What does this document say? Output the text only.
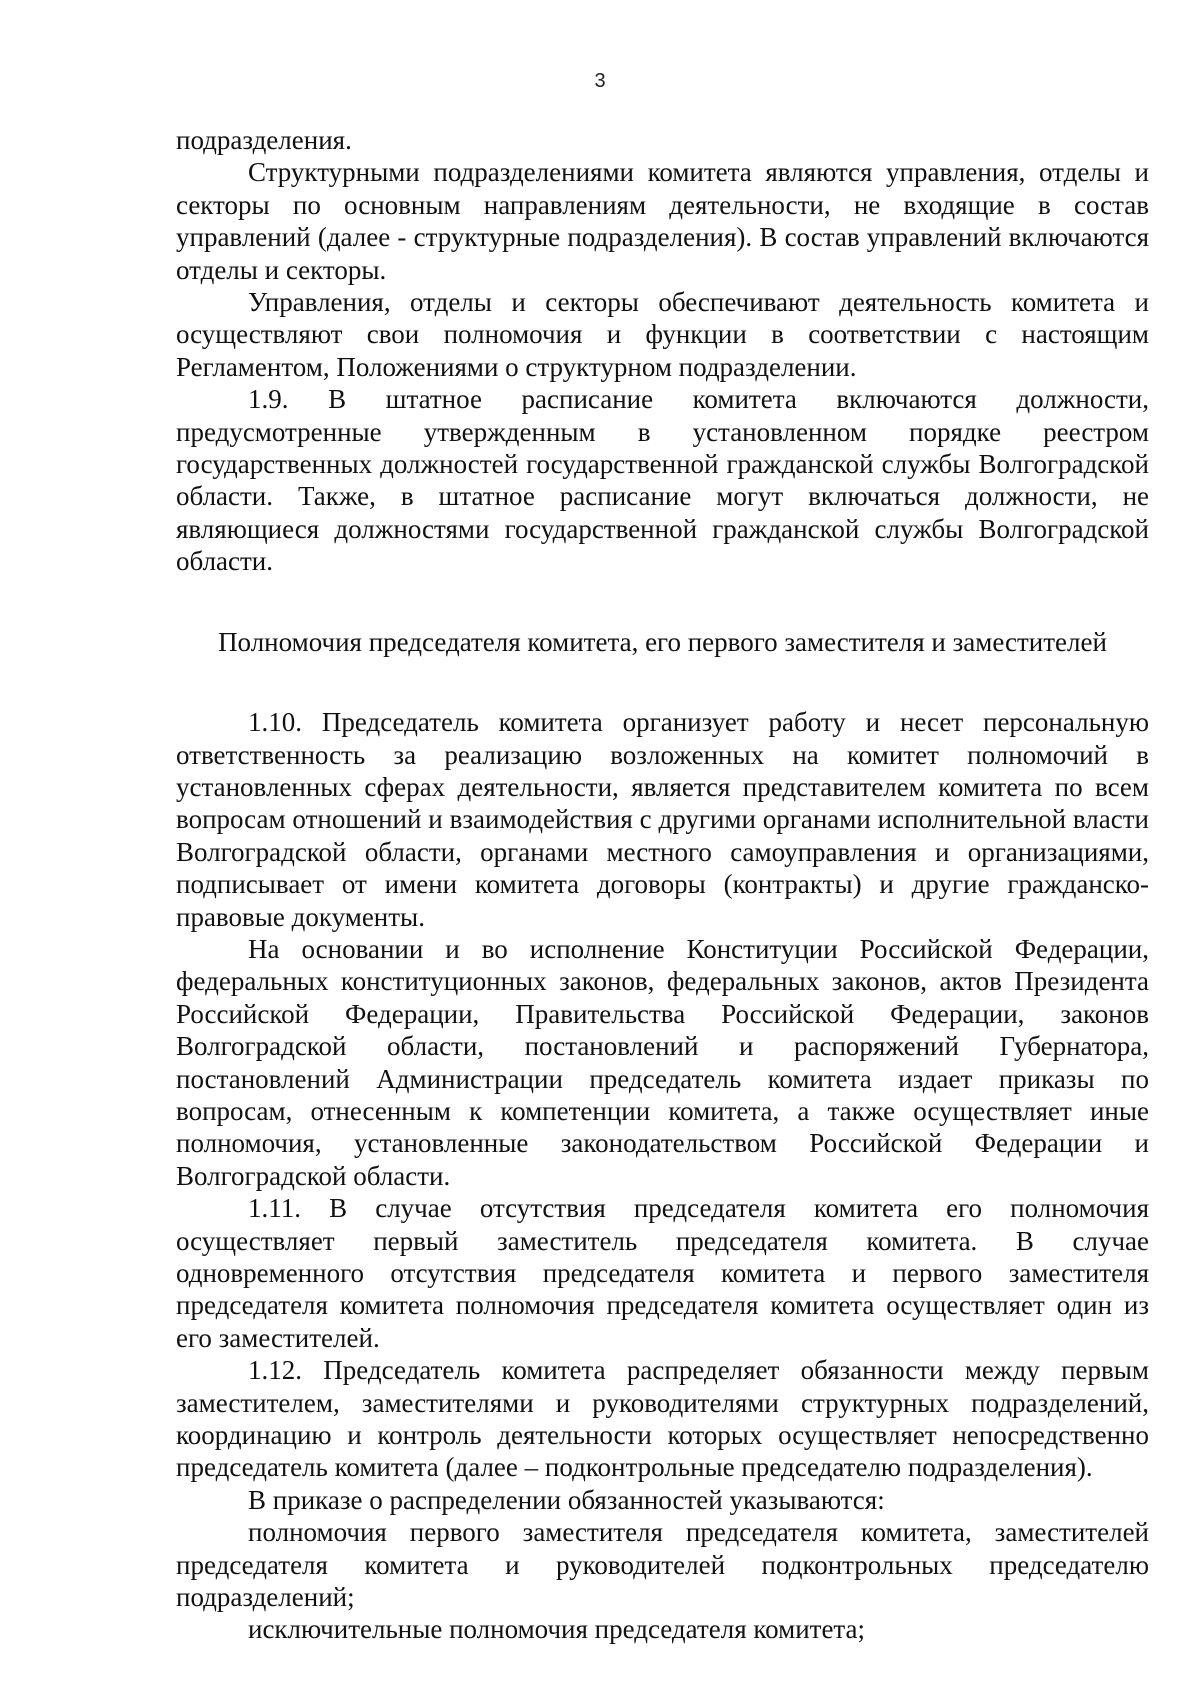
3

подразделения.

Структурными подразделениями комитета являются управления, отделы и секторы по основным направлениям деятельности, не входящие в состав управлений (далее - структурные подразделения). В состав управлений включаются отделы и секторы.

Управления, отделы и секторы обеспечивают деятельность комитета и осуществляют свои полномочия и функции в соответствии с настоящим Регламентом, Положениями о структурном подразделении.

1.9. В штатное расписание комитета включаются должности, предусмотренные утвержденным в установленном порядке реестром государственных должностей государственной гражданской службы Волгоградской области. Также, в штатное расписание могут включаться должности, не являющиеся должностями государственной гражданской службы Волгоградской области.

Полномочия председателя комитета, его первого заместителя и заместителей

1.10. Председатель комитета организует работу и несет персональную ответственность за реализацию возложенных на комитет полномочий в установленных сферах деятельности, является представителем комитета по всем вопросам отношений и взаимодействия с другими органами исполнительной власти Волгоградской области, органами местного самоуправления и организациями, подписывает от имени комитета договоры (контракты) и другие гражданско-правовые документы.

На основании и во исполнение Конституции Российской Федерации, федеральных конституционных законов, федеральных законов, актов Президента Российской Федерации, Правительства Российской Федерации, законов Волгоградской области, постановлений и распоряжений Губернатора, постановлений Администрации председатель комитета издает приказы по вопросам, отнесенным к компетенции комитета, а также осуществляет иные полномочия, установленные законодательством Российской Федерации и Волгоградской области.

1.11. В случае отсутствия председателя комитета его полномочия осуществляет первый заместитель председателя комитета. В случае одновременного отсутствия председателя комитета и первого заместителя председателя комитета полномочия председателя комитета осуществляет один из его заместителей.

1.12. Председатель комитета распределяет обязанности между первым заместителем, заместителями и руководителями структурных подразделений, координацию и контроль деятельности которых осуществляет непосредственно председатель комитета (далее – подконтрольные председателю подразделения).

В приказе о распределении обязанностей указываются:

полномочия первого заместителя председателя комитета, заместителей председателя комитета и руководителей подконтрольных председателю подразделений;

исключительные полномочия председателя комитета;
